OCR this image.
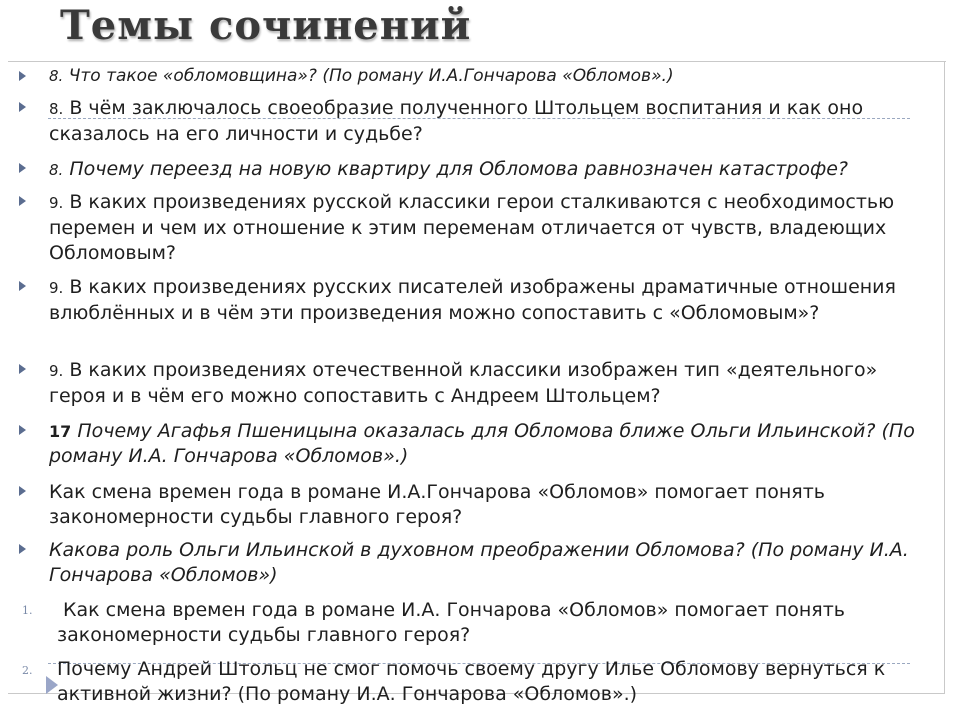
Темы сочинений

8. Что такое «обломовщина»? (По роману И.А.Гончарова «Обломов».)

8. В чём заключалось своеобразие полученного Штольцем воспитания и как оно сказалось на его личности и судьбе?

8. Почему переезд на новую квартиру для Обломова равнозначен катастрофе?

9. В каких произведениях русской классики герои сталкиваются с необходимостью перемен и чем их отношение к этим переменам отличается от чувств, владеющих Обломовым?

9. В каких произведениях русских писателей изображены драматичные отношения влюблённых и в чём эти произведения можно сопоставить с «Обломовым»?

9. В каких произведениях отечественной классики изображен тип «деятельного» героя и в чём его можно сопоставить с Андреем Штольцем?

17 Почему Агафья Пшеницына оказалась для Обломова ближе Ольги Ильинской? (По роману И.А. Гончарова «Обломов».)

Как смена времен года в романе И.А.Гончарова «Обломов» помогает понять закономерности судьбы главного героя?

Какова роль Ольги Ильинской в духовном преображении Обломова? (По роману И.А. Гончарова «Обломов»)

1.	Как смена времен года в романе И.А. Гончарова «Обломов» помогает понять закономерности судьбы главного героя?

2. Почему Андрей Штольц не смог помочь своему другу Илье Обломову вернуться к активной жизни? (По роману И.А. Гончарова «Обломов».)
